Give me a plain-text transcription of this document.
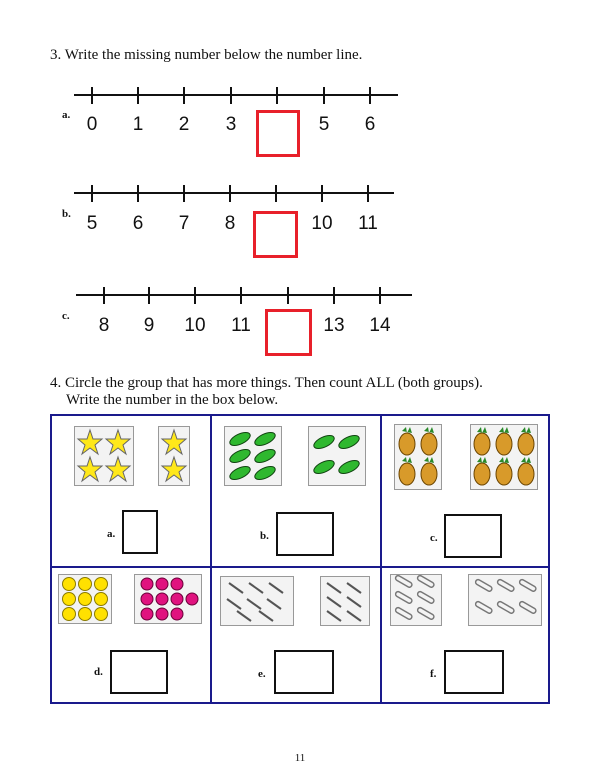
3. Write the missing number below the number line.
a. 0	1	2	3	5	6
b. 5	6	7	8	10 11
c.	8	9	10 11	13 14
4. Circle the group that has more things. Then count ALL (both groups).
Write the number in the box below.
a.	b.	c.
d.	e.	f.
11
